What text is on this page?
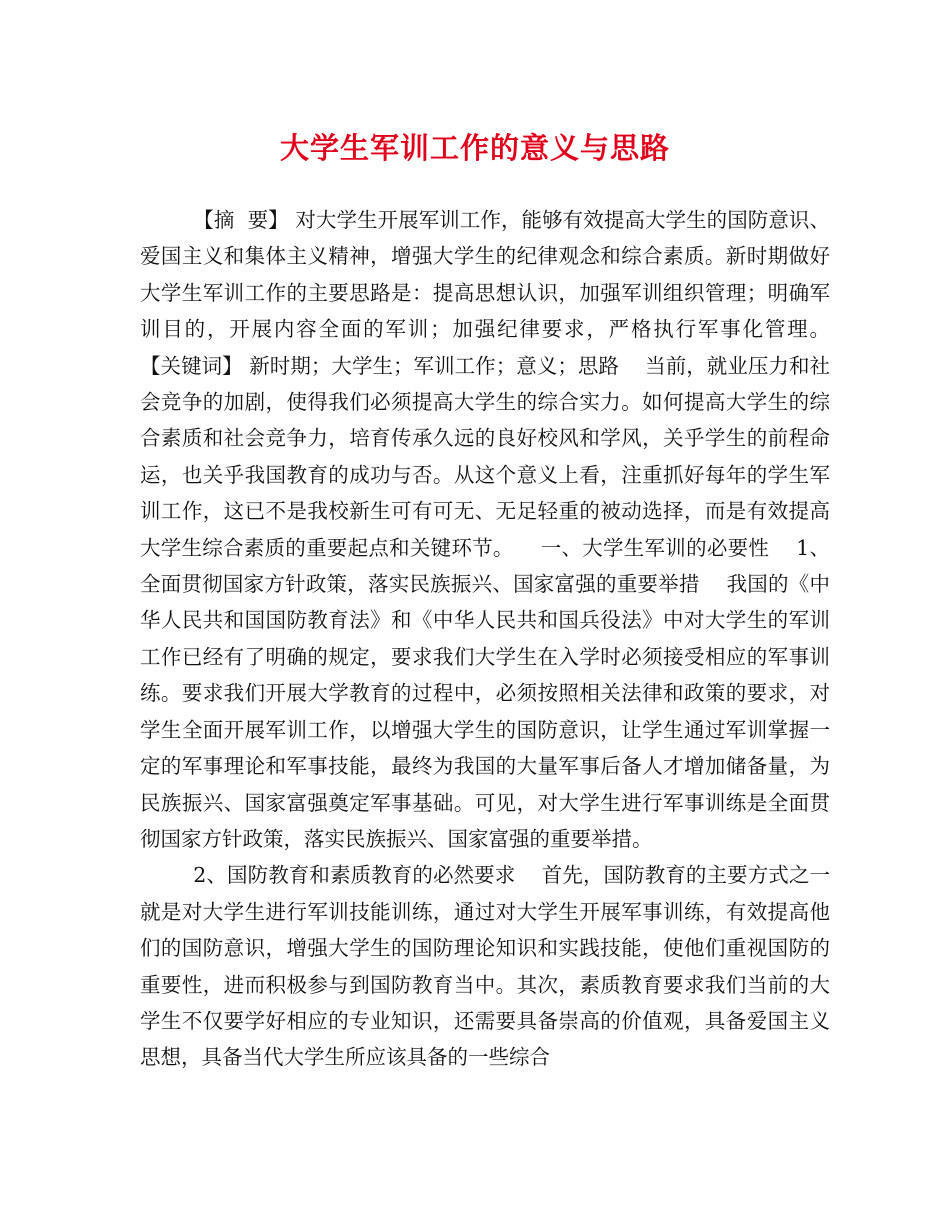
大学生军训工作的意义与思路

【摘  要】 对大学生开展军训工作，能够有效提高大学生的国防意识、爱国主义和集体主义精神，增强大学生的纪律观念和综合素质。新时期做好大学生军训工作的主要思路是：提高思想认识，加强军训组织管理；明确军训目的，开展内容全面的军训；加强纪律要求，严格执行军事化管理。    【关键词】 新时期；大学生；军训工作；意义；思路    当前，就业压力和社会竞争的加剧，使得我们必须提高大学生的综合实力。如何提高大学生的综合素质和社会竞争力，培育传承久远的良好校风和学风，关乎学生的前程命运，也关乎我国教育的成功与否。从这个意义上看，注重抓好每年的学生军训工作，这已不是我校新生可有可无、无足轻重的被动选择，而是有效提高大学生综合素质的重要起点和关键环节。    一、大学生军训的必要性    1、全面贯彻国家方针政策，落实民族振兴、国家富强的重要举措    我国的《中华人民共和国国防教育法》和《中华人民共和国兵役法》中对大学生的军训工作已经有了明确的规定，要求我们大学生在入学时必须接受相应的军事训练。要求我们开展大学教育的过程中，必须按照相关法律和政策的要求，对学生全面开展军训工作，以增强大学生的国防意识，让学生通过军训掌握一定的军事理论和军事技能，最终为我国的大量军事后备人才增加储备量，为民族振兴、国家富强奠定军事基础。可见，对大学生进行军事训练是全面贯彻国家方针政策，落实民族振兴、国家富强的重要举措。

2、国防教育和素质教育的必然要求    首先，国防教育的主要方式之一就是对大学生进行军训技能训练，通过对大学生开展军事训练，有效提高他们的国防意识，增强大学生的国防理论知识和实践技能，使他们重视国防的重要性，进而积极参与到国防教育当中。其次，素质教育要求我们当前的大学生不仅要学好相应的专业知识，还需要具备崇高的价值观，具备爱国主义思想，具备当代大学生所应该具备的一些综合
